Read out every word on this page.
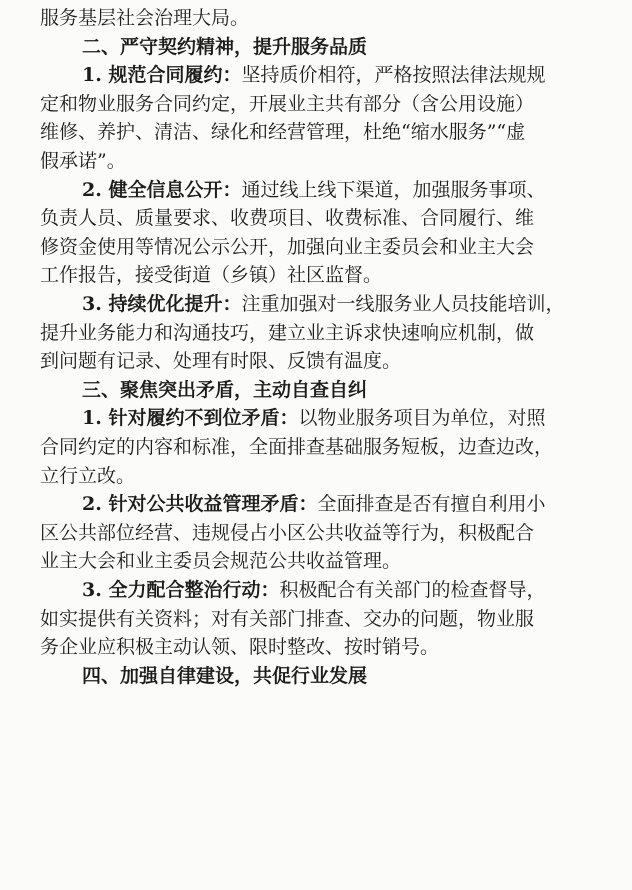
服务基层社会治理大局。
二、严守契约精神，提升服务品质
1. 规范合同履约：坚持质价相符，严格按照法律法规规
定和物业服务合同约定，开展业主共有部分（含公用设施）
维修、养护、清洁、绿化和经营管理，杜绝“缩水服务”“虚
假承诺”。
2. 健全信息公开：通过线上线下渠道，加强服务事项、
负责人员、质量要求、收费项目、收费标准、合同履行、维
修资金使用等情况公示公开，加强向业主委员会和业主大会
工作报告，接受街道（乡镇）社区监督。
3. 持续优化提升：注重加强对一线服务业人员技能培训，
提升业务能力和沟通技巧，建立业主诉求快速响应机制，做
到问题有记录、处理有时限、反馈有温度。
三、聚焦突出矛盾，主动自查自纠
1. 针对履约不到位矛盾：以物业服务项目为单位，对照
合同约定的内容和标准，全面排查基础服务短板，边查边改，
立行立改。
2. 针对公共收益管理矛盾：全面排查是否有擅自利用小
区公共部位经营、违规侵占小区公共收益等行为，积极配合
业主大会和业主委员会规范公共收益管理。
3. 全力配合整治行动：积极配合有关部门的检查督导，
如实提供有关资料；对有关部门排查、交办的问题，物业服
务企业应积极主动认领、限时整改、按时销号。
四、加强自律建设，共促行业发展
